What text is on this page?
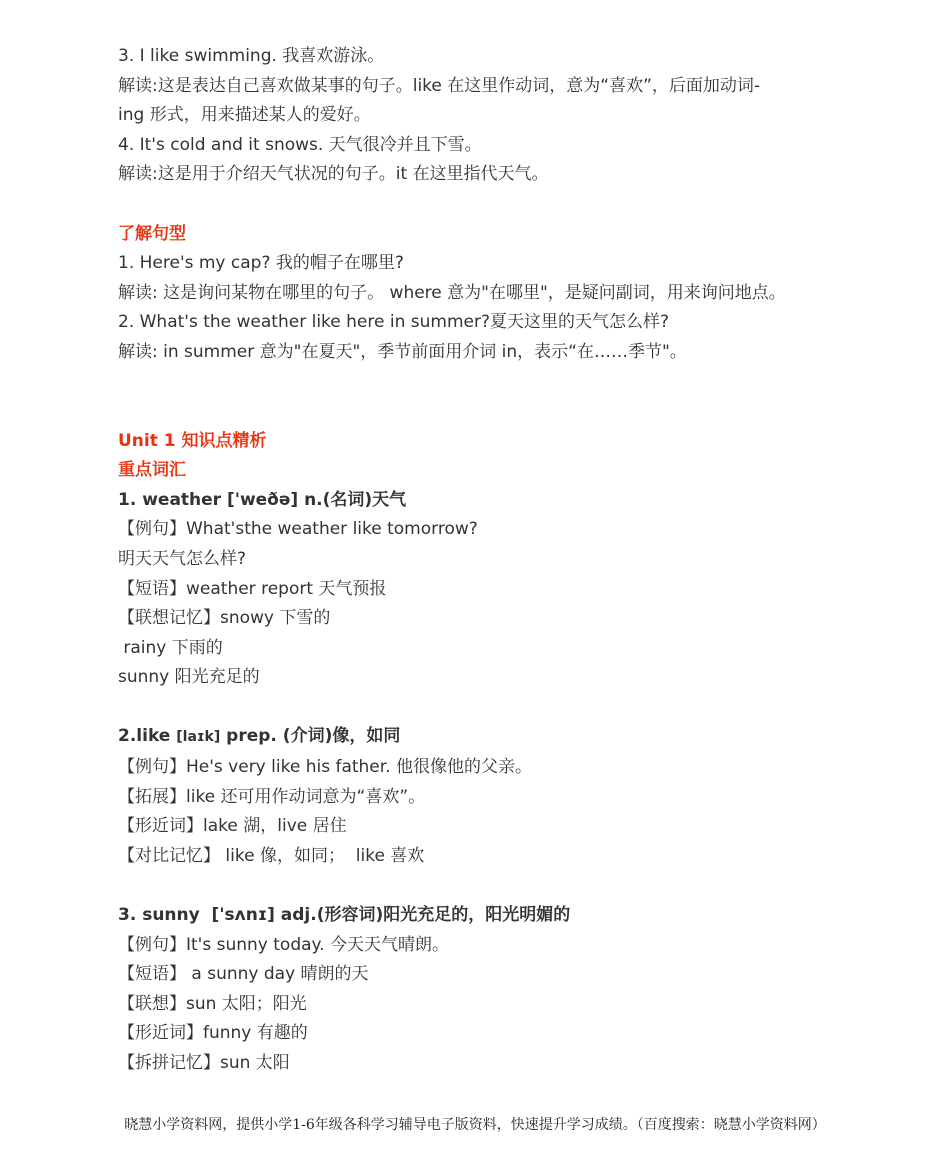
3. I like swimming. 我喜欢游泳。
解读:这是表达自己喜欢做某事的句子。like 在这里作动词，意为“喜欢”，后面加动词-
ing 形式，用来描述某人的爱好。
4. It's cold and it snows. 天气很冷并且下雪。
解读:这是用于介绍天气状况的句子。it 在这里指代天气。
了解句型
1. Here's my cap? 我的帽子在哪里?
解读: 这是询问某物在哪里的句子。 where 意为"在哪里"，是疑问副词，用来询问地点。
2. What's the weather like here in summer?夏天这里的天气怎么样?
解读: in summer 意为"在夏天"，季节前面用介词 in，表示“在……季节"。
Unit 1 知识点精析
重点词汇
1. weather ['weðə] n.(名词)天气
【例句】What'sthe weather like tomorrow?
明天天气怎么样?
【短语】weather report 天气预报
【联想记忆】snowy 下雪的
rainy 下雨的
sunny 阳光充足的
2.like [laɪk] prep. (介词)像，如同
【例句】He's very like his father. 他很像他的父亲。
【拓展】like 还可用作动词意为“喜欢”。
【形近词】lake 湖，live 居住
【对比记忆】 like 像，如同；  like 喜欢
3. sunny  ['sʌnɪ] adj.(形容词)阳光充足的，阳光明媚的
【例句】It's sunny today. 今天天气晴朗。
【短语】 a sunny day 晴朗的天
【联想】sun 太阳；阳光
【形近词】funny 有趣的
【拆拼记忆】sun 太阳
晓慧小学资料网，提供小学1-6年级各科学习辅导电子版资料，快速提升学习成绩。（百度搜索：晓慧小学资料网）
